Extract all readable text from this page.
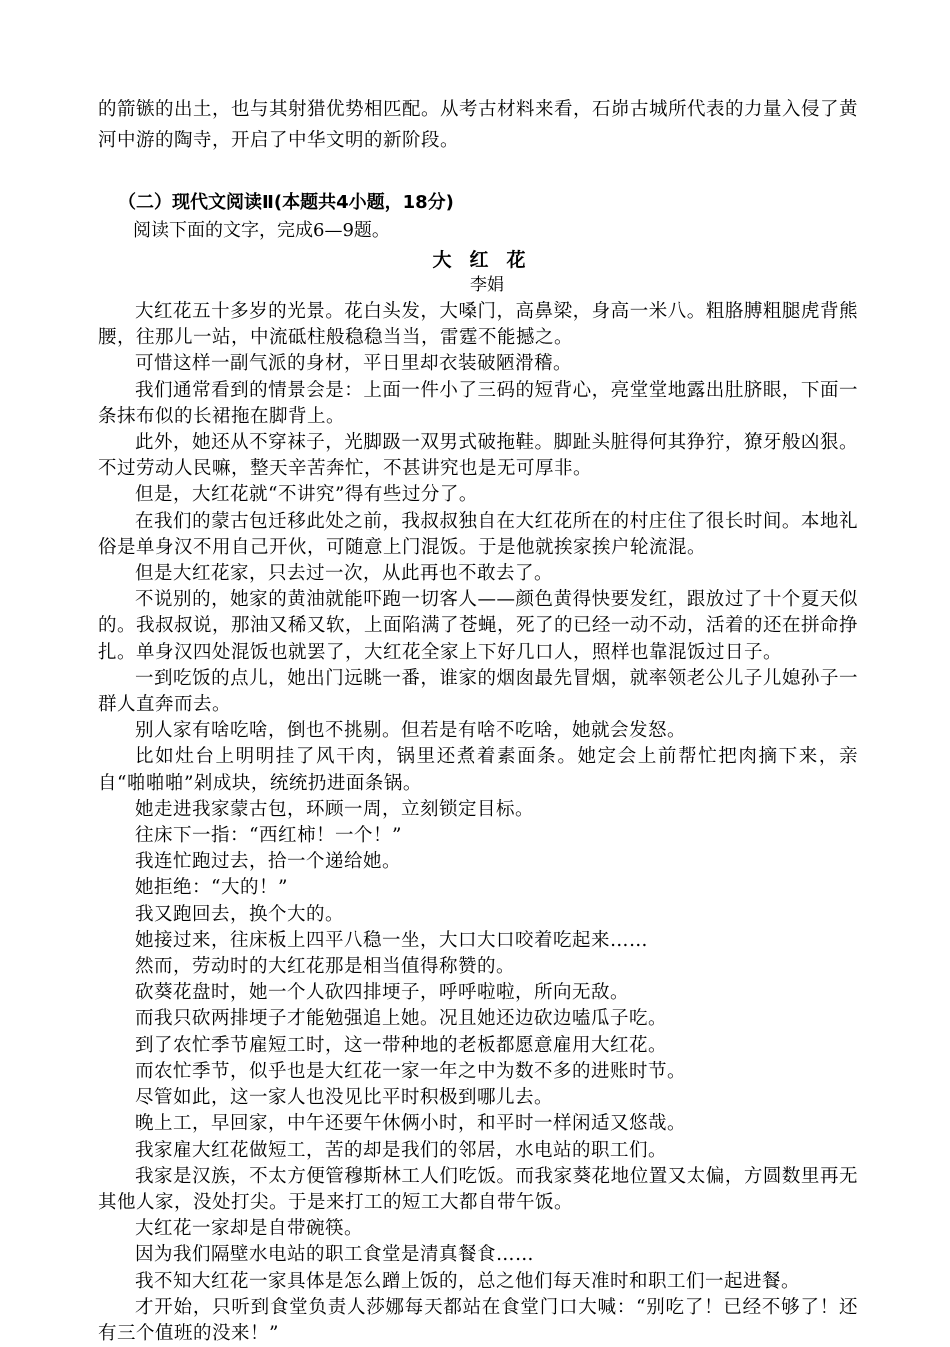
的箭镞的出土，也与其射猎优势相匹配。从考古材料来看，石峁古城所代表的力量入侵了黄河中游的陶寺，开启了中华文明的新阶段。

（二）现代文阅读Ⅱ(本题共4小题，18分)
阅读下面的文字，完成6—9题。
大红花
李娟

大红花五十多岁的光景。花白头发，大嗓门，高鼻梁，身高一米八。粗胳膊粗腿虎背熊腰，往那儿一站，中流砥柱般稳稳当当，雷霆不能撼之。

可惜这样一副气派的身材，平日里却衣装破陋滑稽。

我们通常看到的情景会是：上面一件小了三码的短背心，亮堂堂地露出肚脐眼，下面一条抹布似的长裙拖在脚背上。

此外，她还从不穿袜子，光脚趿一双男式破拖鞋。脚趾头脏得何其狰狞，獠牙般凶狠。不过劳动人民嘛，整天辛苦奔忙，不甚讲究也是无可厚非。

但是，大红花就“不讲究”得有些过分了。

在我们的蒙古包迁移此处之前，我叔叔独自在大红花所在的村庄住了很长时间。本地礼俗是单身汉不用自己开伙，可随意上门混饭。于是他就挨家挨户轮流混。

但是大红花家，只去过一次，从此再也不敢去了。

不说别的，她家的黄油就能吓跑一切客人——颜色黄得快要发红，跟放过了十个夏天似的。我叔叔说，那油又稀又软，上面陷满了苍蝇，死了的已经一动不动，活着的还在拼命挣扎。单身汉四处混饭也就罢了，大红花全家上下好几口人，照样也靠混饭过日子。

一到吃饭的点儿，她出门远眺一番，谁家的烟囱最先冒烟，就率领老公儿子儿媳孙子一群人直奔而去。

别人家有啥吃啥，倒也不挑剔。但若是有啥不吃啥，她就会发怒。

比如灶台上明明挂了风干肉，锅里还煮着素面条。她定会上前帮忙把肉摘下来，亲自“啪啪啪”剁成块，统统扔进面条锅。

她走进我家蒙古包，环顾一周，立刻锁定目标。

往床下一指：“西红柿！一个！”

我连忙跑过去，拾一个递给她。

她拒绝：“大的！”

我又跑回去，换个大的。

她接过来，往床板上四平八稳一坐，大口大口咬着吃起来……

然而，劳动时的大红花那是相当值得称赞的。

砍葵花盘时，她一个人砍四排埂子，呼呼啦啦，所向无敌。

而我只砍两排埂子才能勉强追上她。况且她还边砍边嗑瓜子吃。

到了农忙季节雇短工时，这一带种地的老板都愿意雇用大红花。

而农忙季节，似乎也是大红花一家一年之中为数不多的进账时节。

尽管如此，这一家人也没见比平时积极到哪儿去。

晚上工，早回家，中午还要午休俩小时，和平时一样闲适又悠哉。

我家雇大红花做短工，苦的却是我们的邻居，水电站的职工们。

我家是汉族，不太方便管穆斯林工人们吃饭。而我家葵花地位置又太偏，方圆数里再无其他人家，没处打尖。于是来打工的短工大都自带午饭。

大红花一家却是自带碗筷。

因为我们隔壁水电站的职工食堂是清真餐食……

我不知大红花一家具体是怎么蹭上饭的，总之他们每天准时和职工们一起进餐。

才开始，只听到食堂负责人莎娜每天都站在食堂门口大喊：“别吃了！已经不够了！还有三个值班的没来！”
